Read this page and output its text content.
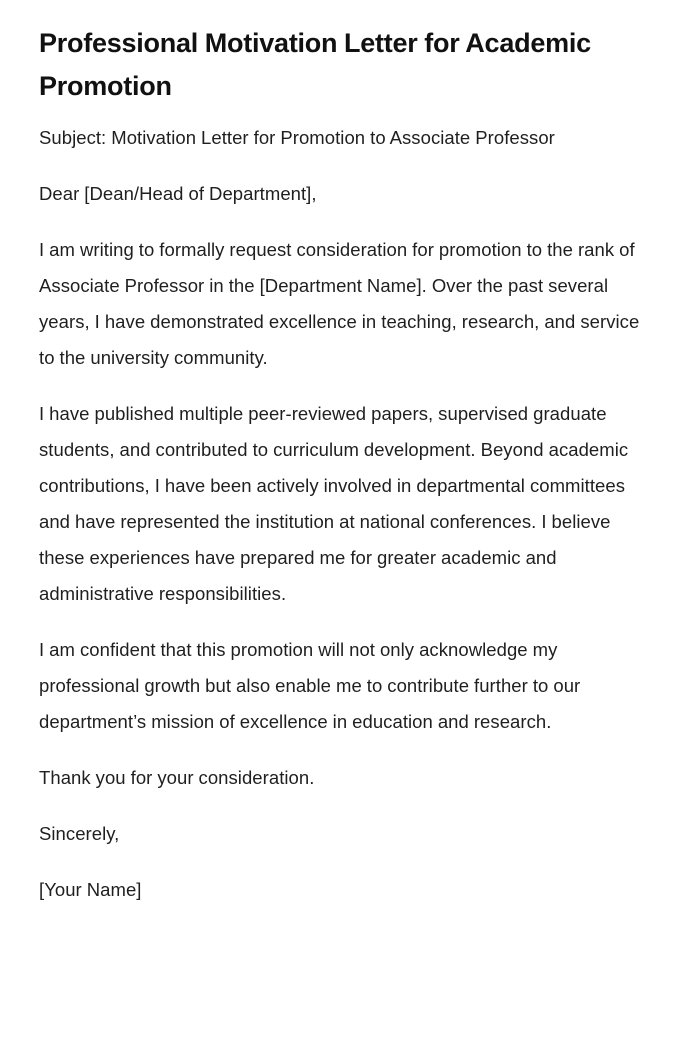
Professional Motivation Letter for Academic Promotion

Subject: Motivation Letter for Promotion to Associate Professor

Dear [Dean/Head of Department],

I am writing to formally request consideration for promotion to the rank of Associate Professor in the [Department Name]. Over the past several years, I have demonstrated excellence in teaching, research, and service to the university community.

I have published multiple peer-reviewed papers, supervised graduate students, and contributed to curriculum development. Beyond academic contributions, I have been actively involved in departmental committees and have represented the institution at national conferences. I believe these experiences have prepared me for greater academic and administrative responsibilities.

I am confident that this promotion will not only acknowledge my professional growth but also enable me to contribute further to our department’s mission of excellence in education and research.

Thank you for your consideration.

Sincerely,

[Your Name]
